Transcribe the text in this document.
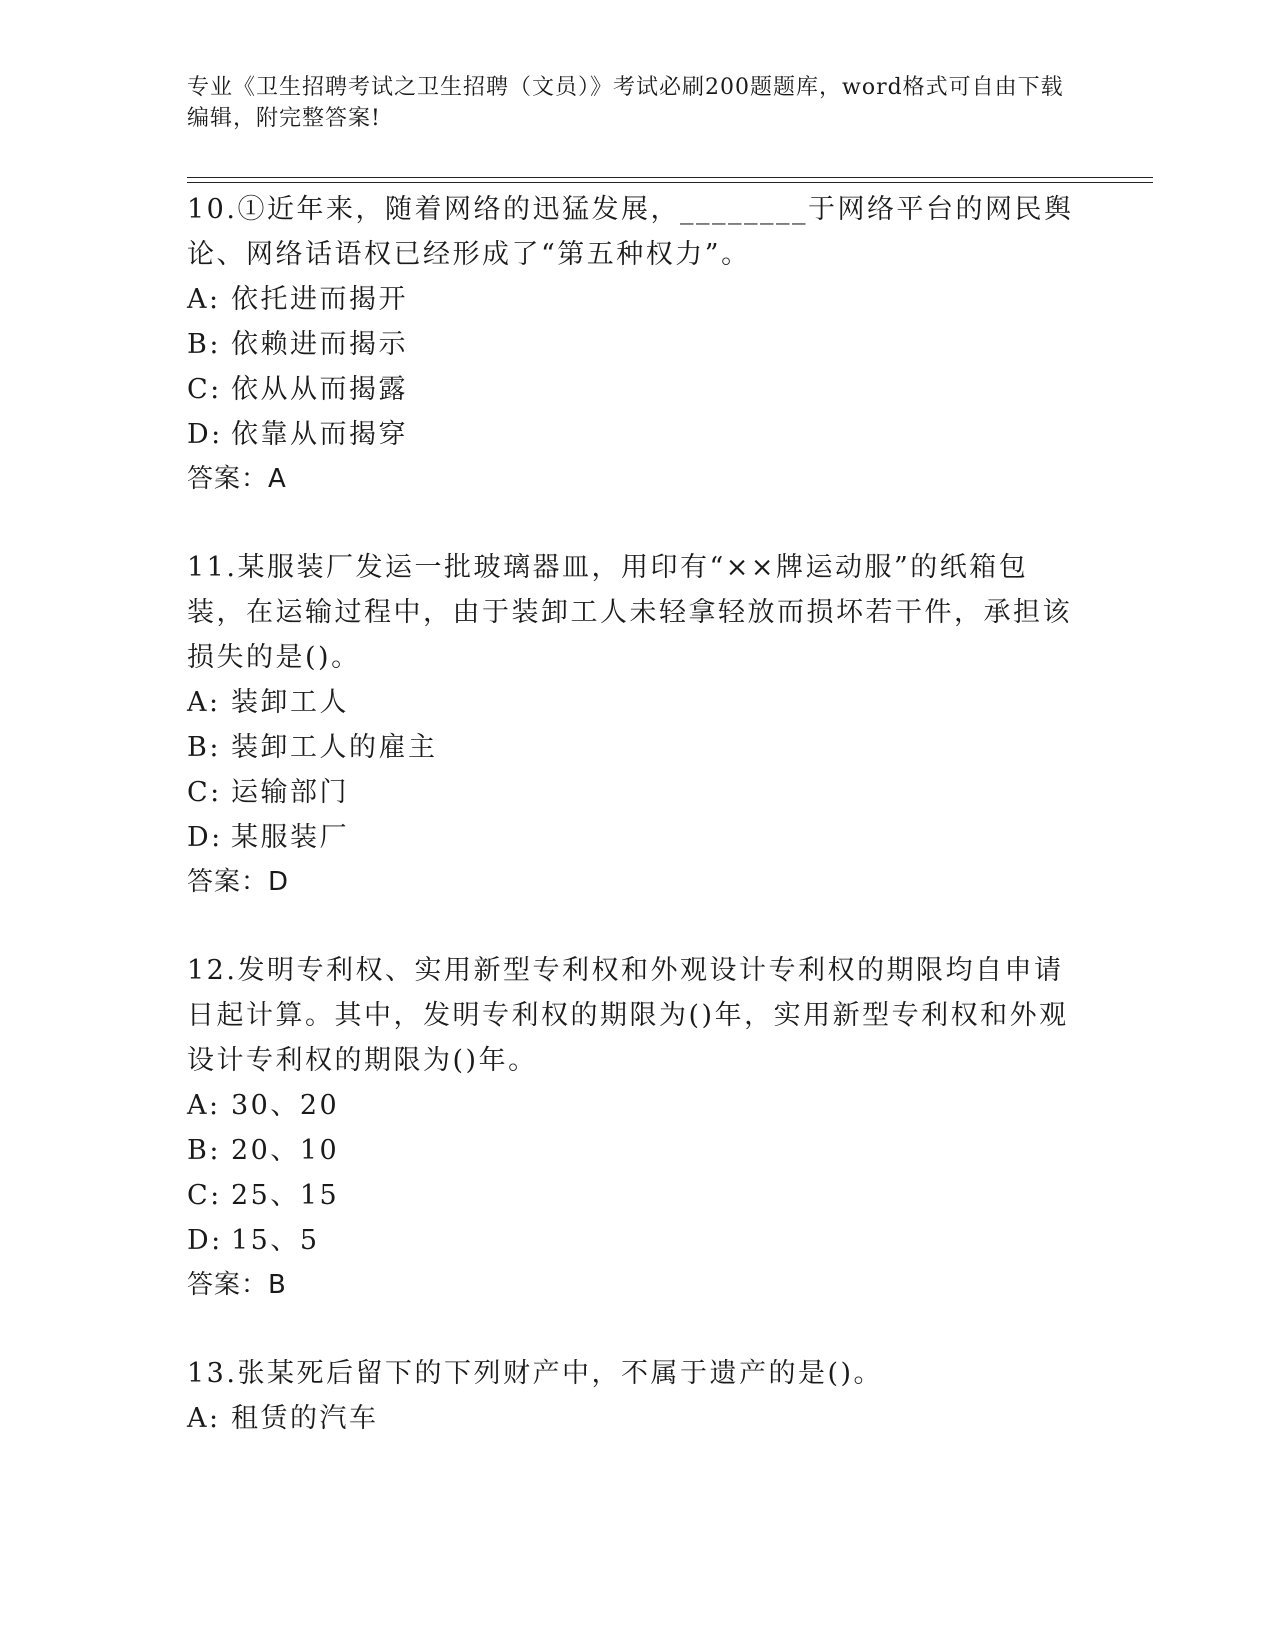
专业《卫生招聘考试之卫生招聘（文员）》考试必刷200题题库，word格式可自由下载编辑，附完整答案!

10.①近年来，随着网络的迅猛发展，________于网络平台的网民舆论、网络话语权已经形成了“第五种权力”。

A: 依托进而揭开

B: 依赖进而揭示

C: 依从从而揭露

D: 依靠从而揭穿

答案：A

11.某服装厂发运一批玻璃器皿，用印有“××牌运动服”的纸箱包装，在运输过程中，由于装卸工人未轻拿轻放而损坏若干件，承担该损失的是()。

A: 装卸工人

B: 装卸工人的雇主

C: 运输部门

D: 某服装厂

答案：D

12.发明专利权、实用新型专利权和外观设计专利权的期限均自申请日起计算。其中，发明专利权的期限为()年，实用新型专利权和外观设计专利权的期限为()年。

A: 30、20

B: 20、10

C: 25、15

D: 15、5

答案：B

13.张某死后留下的下列财产中，不属于遗产的是()。

A: 租赁的汽车
